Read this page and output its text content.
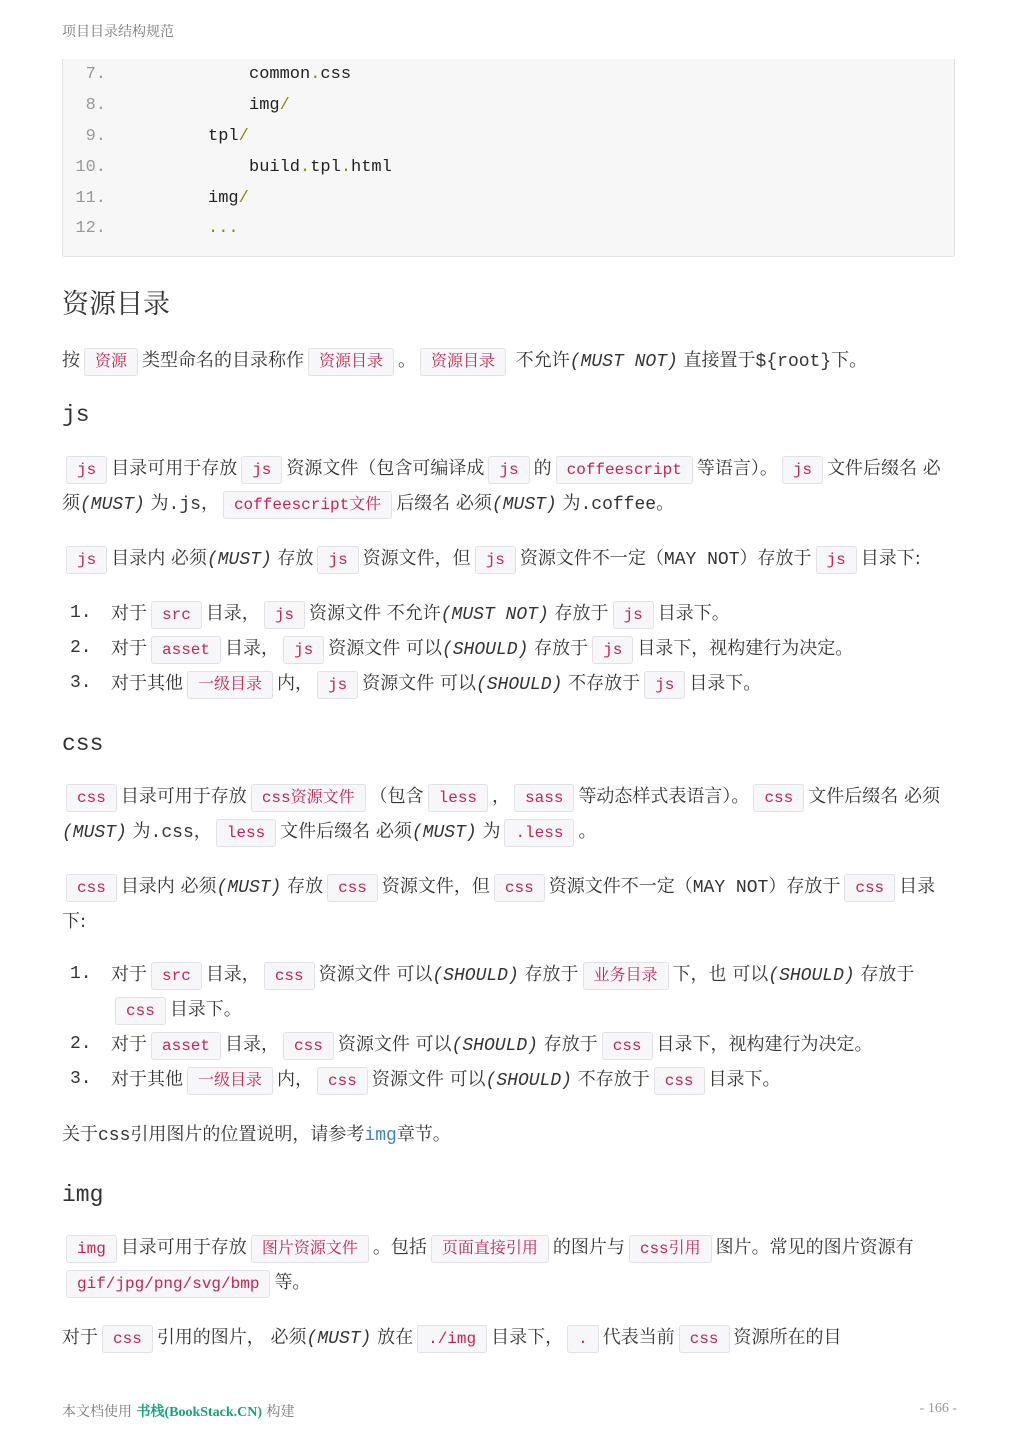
项目目录结构规范
7.	common.css
8.	img/
9.	tpl/
10.	build.tpl.html
11.	img/
12.	...
资源目录

按 资源 类型命名的目录称作 资源目录 。 资源目录 不允许(MUST NOT) 直接置于${root}下。

js

js 目录可用于存放 js 资源文件（包含可编译成 js 的 coffeescript 等语言）。 js 文件后缀名 必须(MUST) 为.js， coffeescript文件 后缀名 必须(MUST) 为.coffee。

js 目录内 必须(MUST) 存放 js 资源文件，但 js 资源文件不一定（MAY NOT）存放于 js 目录下:

1. 对于 src 目录， js 资源文件 不允许(MUST NOT) 存放于 js 目录下。
2. 对于 asset 目录， js 资源文件 可以(SHOULD) 存放于 js 目录下，视构建行为决定。
3. 对于其他 一级目录 内， js 资源文件 可以(SHOULD) 不存放于 js 目录下。
css

css 目录可用于存放 css资源文件 （包含 less ， sass 等动态样式表语言）。 css 文件后缀名 必须(MUST) 为.css， less 文件后缀名 必须(MUST) 为 .less 。

css 目录内 必须(MUST) 存放 css 资源文件，但 css 资源文件不一定（MAY NOT）存放于 css 目录下:

1. 对于 src 目录， css 资源文件 可以(SHOULD) 存放于 业务目录 下，也 可以(SHOULD) 存放于css 目录下。
2. 对于 asset 目录， css 资源文件 可以(SHOULD) 存放于 css 目录下，视构建行为决定。
3. 对于其他 一级目录 内， css 资源文件 可以(SHOULD) 不存放于 css 目录下。

关于css引用图片的位置说明，请参考img章节。

img

img 目录可用于存放 图片资源文件 。包括 页面直接引用 的图片与 css引用 图片。常见的图片资源有gif/jpg/png/svg/bmp 等。

对于 css 引用的图片， 必须(MUST) 放在 ./img 目录下， . 代表当前 css 资源所在的目

本文档使用 书栈(BookStack.CN) 构建	- 166 -
